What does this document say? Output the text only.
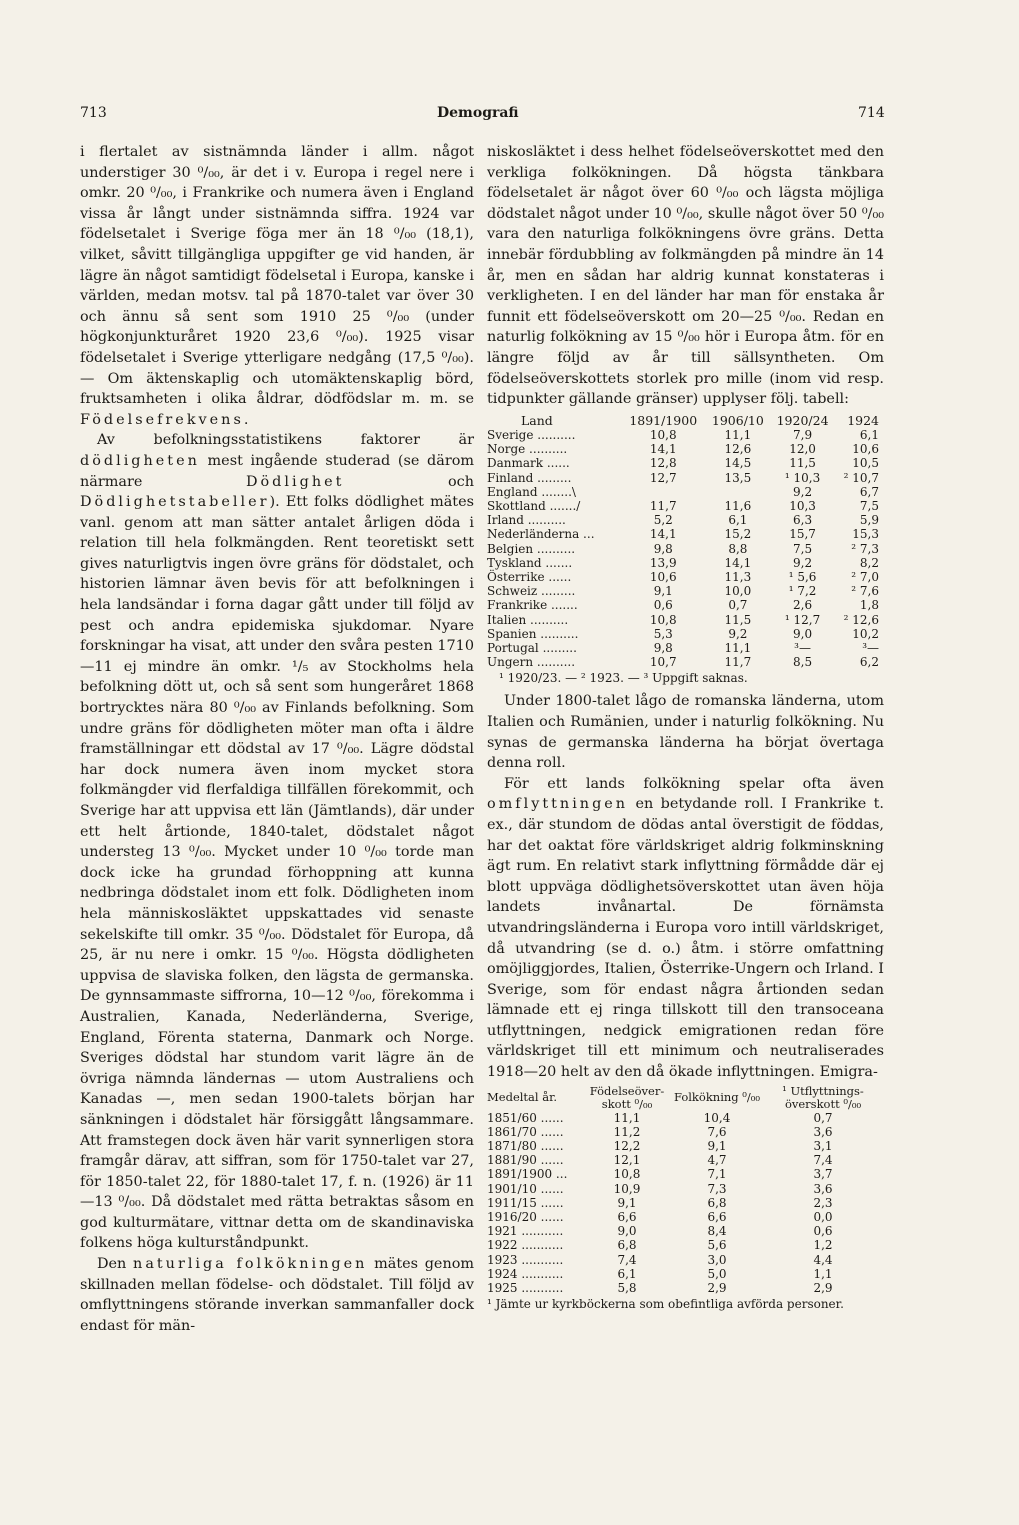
713	Demografi	714

i flertalet av sistnämnda länder i allm. något understiger 30 ⁰/₀₀, är det i v. Europa i regel nere i omkr. 20 ⁰/₀₀, i Frankrike och numera även i England vissa år långt under sistnämnda siffra. 1924 var födelsetalet i Sverige föga mer än 18 ⁰/₀₀ (18,1), vilket, såvitt tillgängliga uppgifter ge vid handen, är lägre än något samtidigt födelsetal i Europa, kanske i världen, medan motsv. tal på 1870-talet var över 30 och ännu så sent som 1910 25 ⁰/₀₀ (under högkonjunkturåret 1920 23,6 ⁰/₀₀). 1925 visar födelsetalet i Sverige ytterligare nedgång (17,5 ⁰/₀₀). — Om äktenskaplig och utomäktenskaplig börd, fruktsamheten i olika åldrar, dödfödslar m. m. se Födelsefrekvens.

Av befolkningsstatistikens faktorer är dödligheten mest ingående studerad (se därom närmare	Dödlighet	och Dödlighetstabeller). Ett folks dödlighet mätes vanl. genom att man sätter antalet årligen döda i relation till hela folkmängden. Rent teoretiskt sett gives naturligtvis ingen övre gräns för dödstalet, och historien lämnar även bevis för att befolkningen i hela landsändar i forna dagar gått under till följd av pest och andra epidemiska sjukdomar. Nyare forskningar ha visat, att under den svåra pesten 1710—11 ej mindre än omkr. ¹/₅ av Stockholms hela befolkning dött ut, och så sent som hungeråret 1868 bortrycktes nära 80 ⁰/₀₀ av Finlands befolkning. Som undre gräns för dödligheten möter man ofta i äldre framställningar ett dödstal av 17 ⁰/₀₀. Lägre dödstal har dock numera även inom mycket stora folkmängder vid flerfaldiga tillfällen förekommit, och Sverige har att uppvisa ett län (Jämtlands), där under ett helt årtionde, 1840-talet, dödstalet något understeg 13 ⁰/₀₀. Mycket under 10 ⁰/₀₀ torde man dock icke ha grundad förhoppning att kunna nedbringa dödstalet inom ett folk. Dödligheten inom hela människosläktet uppskattades vid senaste sekelskifte till omkr. 35 ⁰/₀₀. Dödstalet för Europa, då 25, är nu nere i omkr. 15 ⁰/₀₀. Högsta dödligheten uppvisa de slaviska folken, den lägsta de germanska. De gynnsammaste siffrorna, 10—12 ⁰/₀₀, förekomma i Australien, Kanada, Nederländerna, Sverige, England, Förenta staterna, Danmark och Norge. Sveriges dödstal har stundom varit lägre än de övriga nämnda ländernas — utom Australiens och Kanadas —, men sedan 1900-talets början har sänkningen i dödstalet här försiggått långsammare. Att framstegen dock även här varit synnerligen stora framgår därav, att siffran, som för 1750-talet var 27, för 1850-talet 22, för 1880-talet 17, f. n. (1926) är 11—13 ⁰/₀₀. Då dödstalet med rätta betraktas såsom en god kulturmätare, vittnar detta om de skandinaviska folkens höga kulturståndpunkt.

Den naturliga folkökningen mätes genom skillnaden mellan födelse- och dödstalet. Till följd av omflyttningens störande inverkan sammanfaller dock endast för män-

niskosläktet i dess helhet födelseöverskottet med den verkliga folkökningen. Då högsta tänkbara födelsetalet är något över 60 ⁰/₀₀ och lägsta möjliga dödstalet något under 10 ⁰/₀₀, skulle något över 50 ⁰/₀₀ vara den naturliga folkökningens övre gräns. Detta innebär fördubbling av folkmängden på mindre än 14 år, men en sådan har aldrig kunnat konstateras i verkligheten. I en del länder har man för enstaka år funnit ett födelseöverskott om 20—25 ⁰/₀₀. Redan en naturlig folkökning av 15 ⁰/₀₀ hör i Europa åtm. för en längre följd av år till sällsyntheten. Om födelseöverskottets storlek pro mille (inom vid resp. tidpunkter gällande gränser) upplyser följ. tabell:

Land	1891/1900	1906/10	1920/24	1924
Sverige ..........	10,8	11,1	7,9	6,1
Norge ..........	14,1	12,6	12,0	10,6
Danmark ......	12,8	14,5	11,5	10,5
Finland .........	12,7	13,5	¹ 10,3	² 10,7
England ........\			9,2	6,7
Skottland ......./	11,7	11,6	10,3	7,5
Irland ..........	5,2	6,1	6,3	5,9
Nederländerna ...	14,1	15,2	15,7	15,3
Belgien ..........	9,8	8,8	7,5	² 7,3
Tyskland .......	13,9	14,1	9,2	8,2
Österrike ......	10,6	11,3	¹ 5,6	² 7,0
Schweiz .........	9,1	10,0	¹ 7,2	² 7,6
Frankrike .......	0,6	0,7	2,6	1,8
Italien ..........	10,8	11,5	¹ 12,7	² 12,6
Spanien ..........	5,3	9,2	9,0	10,2
Portugal .........	9,8	11,1	³—	³—
Ungern ..........	10,7	11,7	8,5	6,2
¹ 1920/23. — ² 1923. — ³ Uppgift saknas.

Under 1800-talet lågo de romanska länderna, utom Italien och Rumänien, under i naturlig folkökning. Nu synas de germanska länderna ha börjat övertaga denna roll.

För ett lands folkökning spelar ofta även omflyttningen en betydande roll. I Frankrike t. ex., där stundom de dödas antal överstigit de föddas, har det oaktat före världskriget aldrig folkminskning ägt rum. En relativt stark inflyttning förmådde där ej blott uppväga dödlighetsöverskottet utan även höja landets invånartal. De förnämsta utvandringsländerna i Europa voro intill världskriget, då utvandring (se d. o.) åtm. i större omfattning omöjliggjordes, Italien, Österrike-Ungern och Irland. I Sverige, som för endast några årtionden sedan lämnade ett ej ringa tillskott till den transoceana utflyttningen, nedgick emigrationen redan före världskriget till ett minimum och neutraliserades 1918—20 helt av den då ökade inflyttningen. Emigra-

Medeltal år.	Födelseöver-skott ⁰/₀₀	Folkökning ⁰/₀₀	¹ Utflyttnings-överskott ⁰/₀₀
1851/60 ......	11,1	10,4	0,7
1861/70 ......	11,2	7,6	3,6
1871/80 ......	12,2	9,1	3,1
1881/90 ......	12,1	4,7	7,4
1891/1900 ...	10,8	7,1	3,7
1901/10 ......	10,9	7,3	3,6
1911/15 ......	9,1	6,8	2,3
1916/20 ......	6,6	6,6	0,0
1921 ...........	9,0	8,4	0,6
1922 ...........	6,8	5,6	1,2
1923 ...........	7,4	3,0	4,4
1924 ...........	6,1	5,0	1,1
1925 ...........	5,8	2,9	2,9
¹ Jämte ur kyrkböckerna som obefintliga avförda personer.
